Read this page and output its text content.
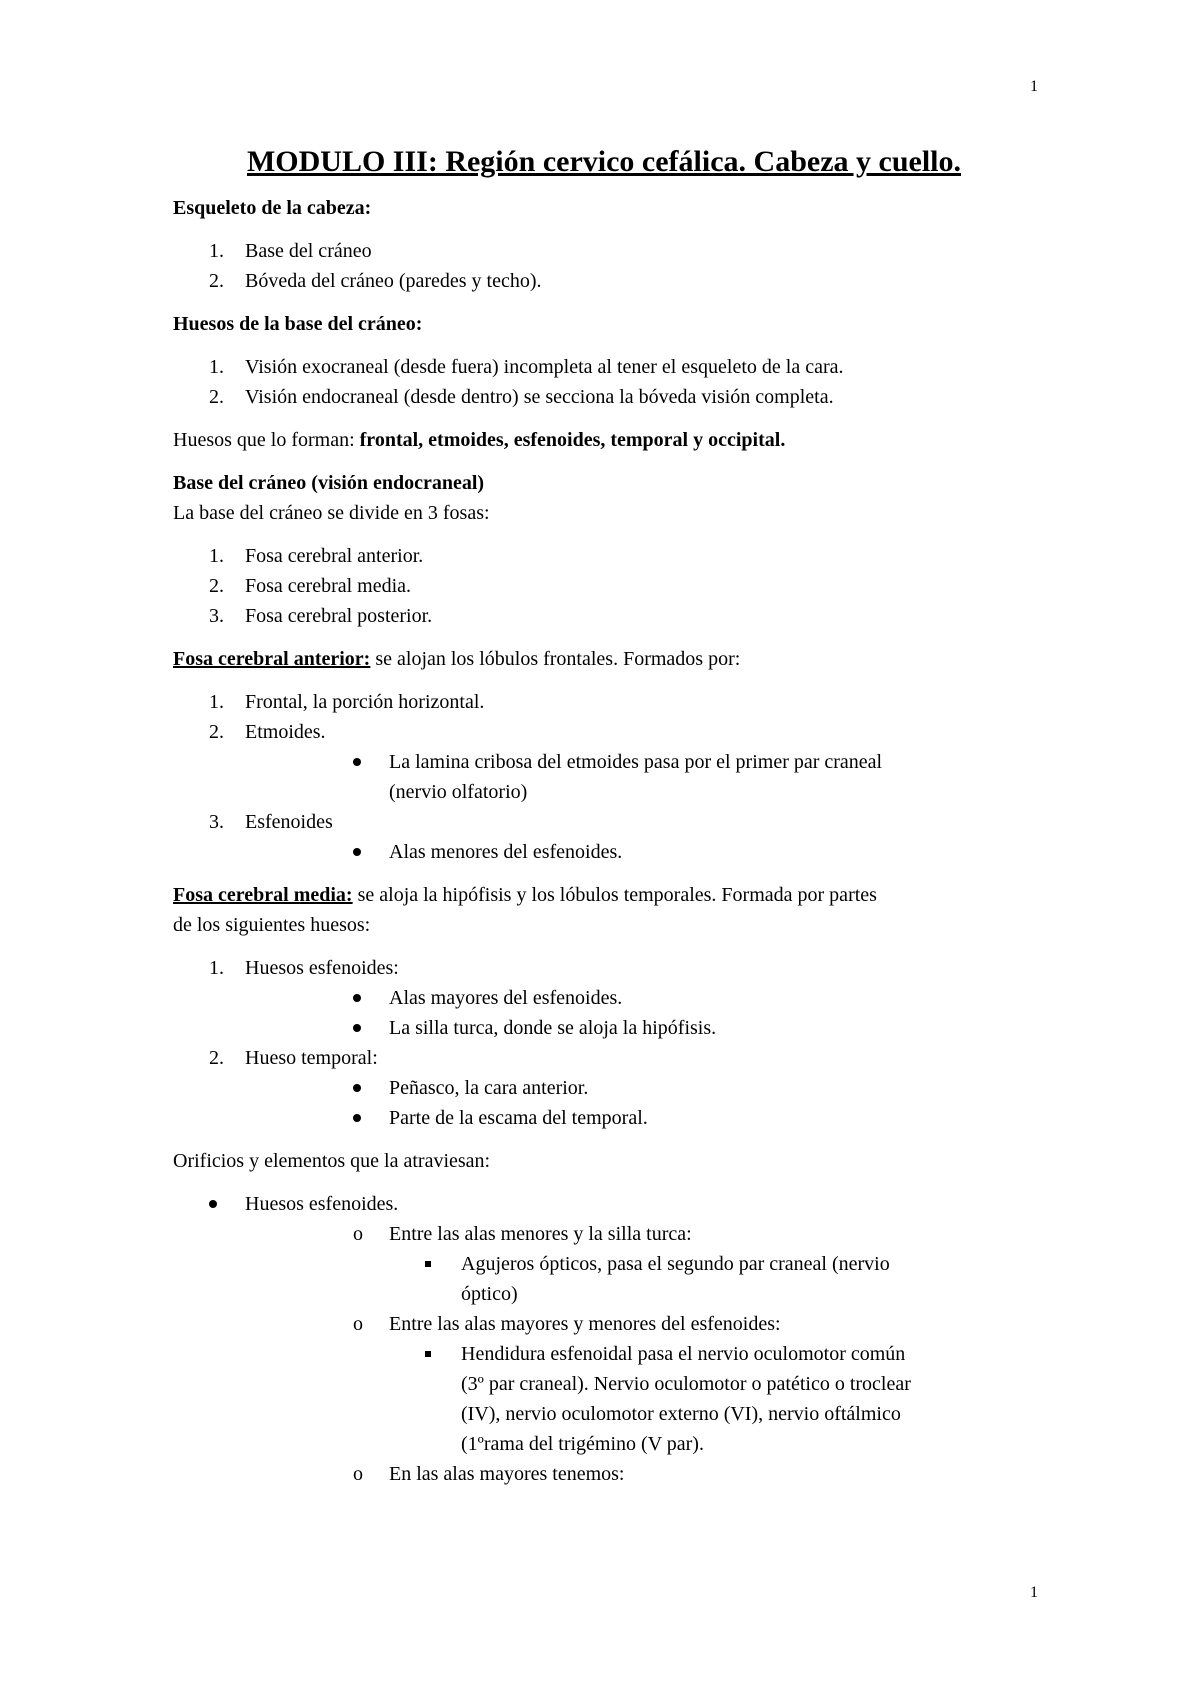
1
MODULO III: Región cervico cefálica. Cabeza y cuello.

Esqueleto de la cabeza:

1. Base del cráneo
2. Bóveda del cráneo (paredes y techo).

Huesos de la base del cráneo:

1. Visión exocraneal (desde fuera) incompleta al tener el esqueleto de la cara.
2. Visión endocraneal (desde dentro) se secciona la bóveda visión completa.

Huesos que lo forman: frontal, etmoides, esfenoides, temporal y occipital.

Base del cráneo (visión endocraneal)

La base del cráneo se divide en 3 fosas:

1. Fosa cerebral anterior.
2. Fosa cerebral media.
3. Fosa cerebral posterior.

Fosa cerebral anterior: se alojan los lóbulos frontales. Formados por:

1. Frontal, la porción horizontal.
2. Etmoides.
La lamina cribosa del etmoides pasa por el primer par craneal
(nervio olfatorio)
3. Esfenoides
Alas menores del esfenoides.

Fosa cerebral media: se aloja la hipófisis y los lóbulos temporales. Formada por partes

de los siguientes huesos:

1. Huesos esfenoides:
Alas mayores del esfenoides.
La silla turca, donde se aloja la hipófisis.
2. Hueso temporal:
Peñasco, la cara anterior.
Parte de la escama del temporal.

Orificios y elementos que la atraviesan:

Huesos esfenoides.
o Entre las alas menores y la silla turca:
Agujeros ópticos, pasa el segundo par craneal (nervio
óptico)
o Entre las alas mayores y menores del esfenoides:
Hendidura esfenoidal pasa el nervio oculomotor común
(3º par craneal). Nervio oculomotor o patético o troclear
(IV), nervio oculomotor externo (VI), nervio oftálmico
(1ºrama del trigémino (V par).
o En las alas mayores tenemos:
1
